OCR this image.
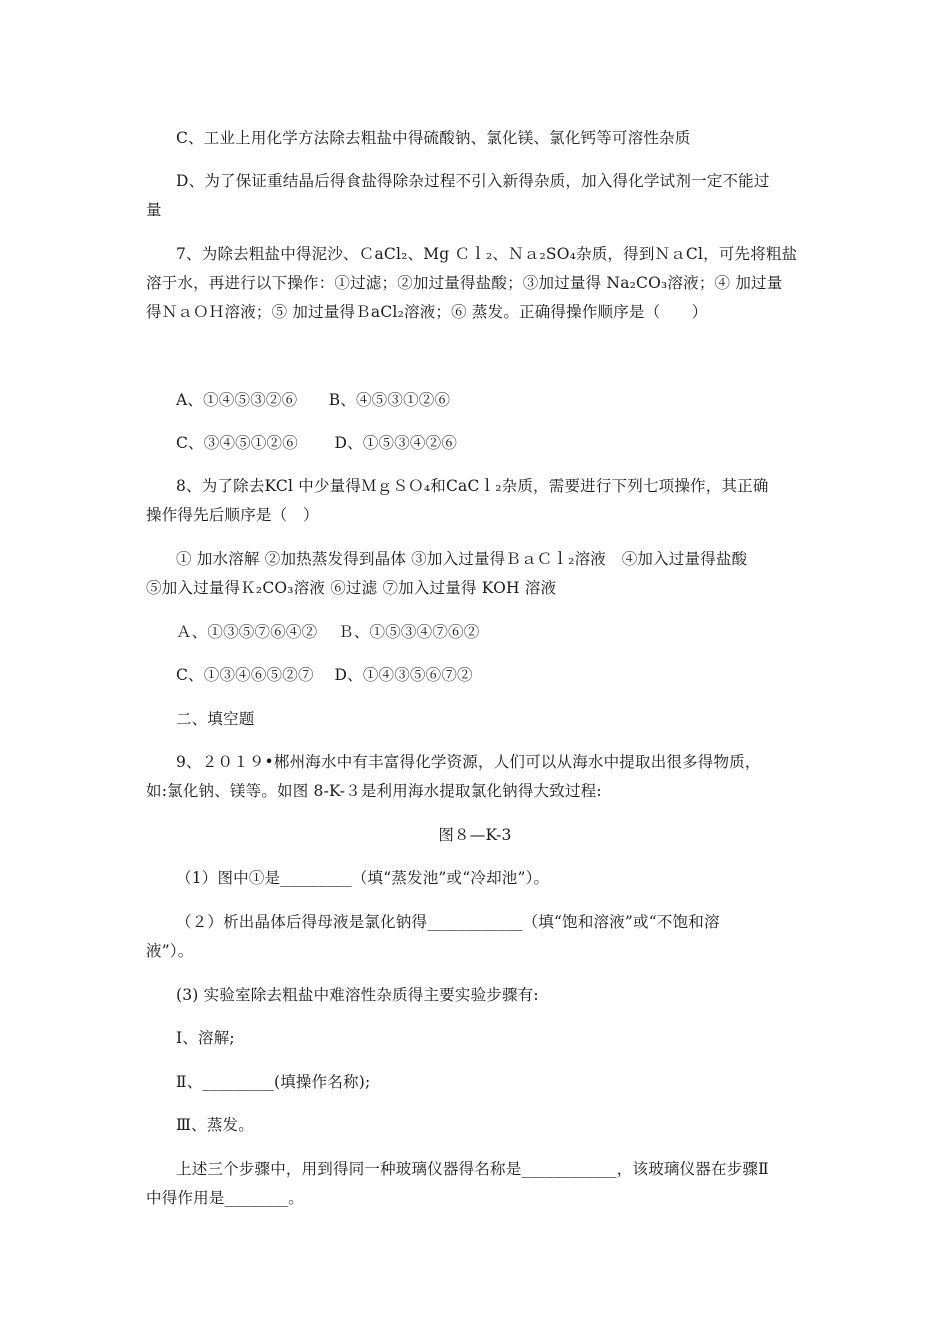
C、工业上用化学方法除去粗盐中得硫酸钠、氯化镁、氯化钙等可溶性杂质
D、为了保证重结晶后得食盐得除杂过程不引入新得杂质，加入得化学试剂一定不能过
量
7、为除去粗盐中得泥沙、ＣaCl₂、Mg Ｃｌ₂、Ｎａ₂SO₄杂质，得到ＮａCl，可先将粗盐
溶于水，再进行以下操作：①过滤；②加过量得盐酸；③加过量得 Na₂CO₃溶液；④ 加过量
得ＮａＯＨ溶液；⑤ 加过量得ＢaCl₂溶液；⑥ 蒸发。正确得操作顺序是（　　）
A、①④⑤③②⑥　　B、④⑤③①②⑥
C、③④⑤①②⑥　　 D、①⑤③④②⑥
8、为了除去KCl 中少量得ＭｇＳＯ₄和CaCｌ₂杂质，需要进行下列七项操作，其正确
操作得先后顺序是（　）
① 加水溶解 ②加热蒸发得到晶体 ③加入过量得ＢａＣｌ₂溶液　④加入过量得盐酸
⑤加入过量得Ｋ₂CO₃溶液 ⑥过滤 ⑦加入过量得 KOH 溶液
Ａ、①③⑤⑦⑥④②　 Ｂ、①⑤③④⑦⑥②
C、①③④⑥⑤②⑦　 D、①④③⑤⑥⑦②
二、填空题
9、２０１９•郴州海水中有丰富得化学资源，人们可以从海水中提取出很多得物质，
如:氯化钠、镁等。如图 8-K-３是利用海水提取氯化钠得大致过程:
图８—K-3
（1）图中①是_________（填“蒸发池”或“冷却池”）。
（２）析出晶体后得母液是氯化钠得____________（填“饱和溶液”或“不饱和溶
液”）。
(3) 实验室除去粗盐中难溶性杂质得主要实验步骤有:
Ⅰ、溶解;
Ⅱ、_________(填操作名称);
Ⅲ、蒸发。
上述三个步骤中，用到得同一种玻璃仪器得名称是____________，该玻璃仪器在步骤Ⅱ
中得作用是________。
